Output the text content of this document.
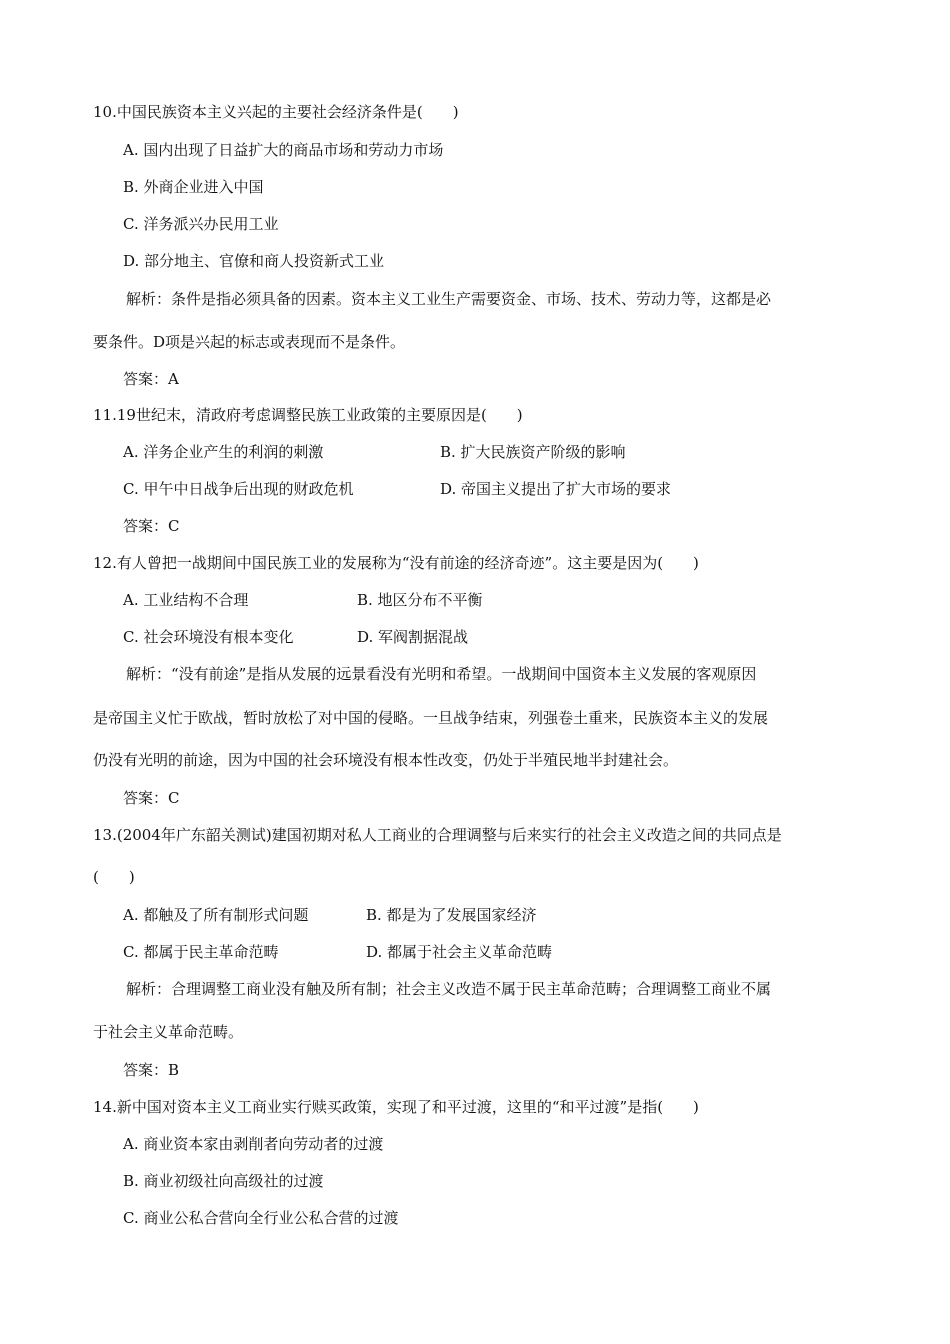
10.中国民族资本主义兴起的主要社会经济条件是(　　)
A. 国内出现了日益扩大的商品市场和劳动力市场
B. 外商企业进入中国
C. 洋务派兴办民用工业
D. 部分地主、官僚和商人投资新式工业
解析：条件是指必须具备的因素。资本主义工业生产需要资金、市场、技术、劳动力等，这都是必
要条件。D项是兴起的标志或表现而不是条件。
答案：A
11.19世纪末，清政府考虑调整民族工业政策的主要原因是(　　)
A. 洋务企业产生的利润的刺激	B. 扩大民族资产阶级的影响
C. 甲午中日战争后出现的财政危机	D. 帝国主义提出了扩大市场的要求
答案：C
12.有人曾把一战期间中国民族工业的发展称为“没有前途的经济奇迹”。这主要是因为(　　)
A. 工业结构不合理	B. 地区分布不平衡
C. 社会环境没有根本变化	D. 军阀割据混战
解析：“没有前途”是指从发展的远景看没有光明和希望。一战期间中国资本主义发展的客观原因
是帝国主义忙于欧战，暂时放松了对中国的侵略。一旦战争结束，列强卷土重来，民族资本主义的发展
仍没有光明的前途，因为中国的社会环境没有根本性改变，仍处于半殖民地半封建社会。
答案：C
13.(2004年广东韶关测试)建国初期对私人工商业的合理调整与后来实行的社会主义改造之间的共同点是
(　　)
A. 都触及了所有制形式问题	B. 都是为了发展国家经济
C. 都属于民主革命范畴	D. 都属于社会主义革命范畴
解析：合理调整工商业没有触及所有制；社会主义改造不属于民主革命范畴；合理调整工商业不属
于社会主义革命范畴。
答案：B
14.新中国对资本主义工商业实行赎买政策，实现了和平过渡，这里的“和平过渡”是指(　　)
A. 商业资本家由剥削者向劳动者的过渡
B. 商业初级社向高级社的过渡
C. 商业公私合营向全行业公私合营的过渡
